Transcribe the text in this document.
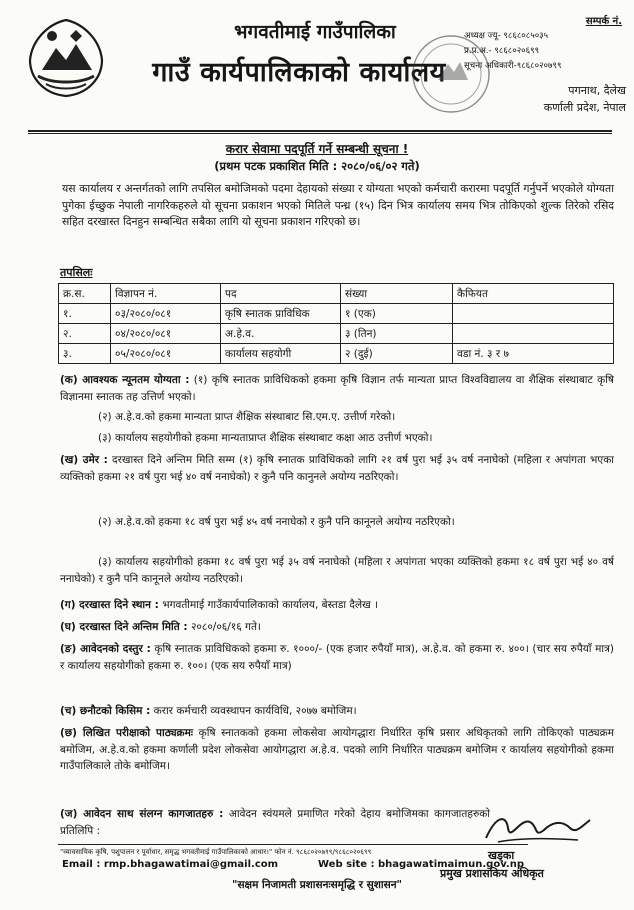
भगवतीमाई गाउँपालिका
गाउँ कार्यपालिकाको कार्यालय
सम्पर्क नं.
अध्यक्ष ज्यू- ९८६८०८५०३५
प्र.प्र.अ.- ९८६८०२०६९९
सूचना अधिकारी-९८६८०२०७९९
पगनाथ, दैलेख
कर्णाली प्रदेश, नेपाल
करार सेवामा पदपूर्ति गर्ने सम्बन्धी सूचना !
(प्रथम पटक प्रकाशित मिति : २०८०/०६/०२ गते)
यस कार्यालय र अन्तर्गतको लागि तपसिल बमोजिमको पदमा देहायको संख्या र योग्यता भएको कर्मचारी करारमा पदपूर्ति गर्नुपर्ने भएकोले योग्यता पुगेका ईच्छुक नेपाली नागरिकहरुले यो सूचना प्रकाशन भएको मितिले पन्ध्र (१५) दिन भित्र कार्यालय समय भित्र तोकिएको शुल्क तिरेको रसिद सहित दरखास्त दिनहुन सम्बन्धित सबैका लागि यो सूचना प्रकाशन गरिएको छ।
तपसिलः
क्र.स.	विज्ञापन नं.	पद	संख्या	कैफियत
१.	०३/२०८०/०८१	कृषि स्नातक प्राविधिक	१ (एक)	
२.	०४/२०८०/०८१	अ.हे.व.	३ (तिन)	
३.	०५/२०८०/०८१	कार्यालय सहयोगी	२ (दुई)	वडा नं. ३ र ७
(क) आवश्यक न्यूनतम योग्यता : (१) कृषि स्नातक प्राविधिकको हकमा कृषि विज्ञान तर्फ मान्यता प्राप्त विश्वविद्यालय वा शैक्षिक संस्थाबाट कृषि विज्ञानमा स्नातक तह उत्तिर्ण भएको।
(२) अ.हे.व.को हकमा मान्यता प्राप्त शैक्षिक संस्थाबाट सि.एम.ए. उत्तीर्ण गरेको।
(३) कार्यालय सहयोगीको हकमा मान्यताप्राप्त शैक्षिक संस्थाबाट कक्षा आठ उत्तीर्ण भएको।
(ख) उमेर : दरखास्त दिने अन्तिम मिति सम्म (१) कृषि स्नातक प्राविधिकको लागि २१ वर्ष पुरा भई ३५ वर्ष ननाघेको (महिला र अपांगता भएका व्यक्तिको हकमा २१ वर्ष पुरा भई ४० वर्ष ननाघेको) र कुनै पनि कानुनले अयोग्य नठरिएको।
(२) अ.हे.व.को हकमा १८ वर्ष पुरा भई ४५ वर्ष ननाघेको र कुनै पनि कानूनले अयोग्य नठरिएको।
(३) कार्यालय सहयोगीको हकमा १८ वर्ष पुरा भई ३५ वर्ष ननाघेको (महिला र अपांगता भएका व्यक्तिको हकमा १८ वर्ष पुरा भई ४० वर्ष ननाघेको) र कुनै पनि कानूनले अयोग्य नठरिएको।
(ग) दरखास्त दिने स्थान : भगवतीमाई गाउँकार्यपालिकाको कार्यालय, बेस्तडा दैलेख ।
(घ) दरखास्त दिने अन्तिम मिति : २०८०/०६/१६ गते।
(ङ) आवेदनको दस्तुर : कृषि स्नातक प्राविधिकको हकमा रु. १०००/- (एक हजार रुपैयाँ मात्र), अ.हे.व. को हकमा रु. ४००। (चार सय रुपैयाँ मात्र) र कार्यालय सहयोगीको हकमा रु. १००। (एक सय रुपैयाँ मात्र)
(च) छनौटको किसिम : करार कर्मचारी व्यवस्थापन कार्यविधि, २०७७ बमोजिम।
(छ) लिखित परीक्षाको पाठ्यक्रमः कृषि स्नातकको हकमा लोकसेवा आयोगद्धारा निर्धारित कृषि प्रसार अधिकृतको लागि तोकिएको पाठ्यक्रम बमोजिम, अ.हे.व.को हकमा कर्णाली प्रदेश लोकसेवा आयोगद्धारा अ.हे.व. पदको लागि निर्धारित पाठ्यक्रम बमोजिम र कार्यालय सहयोगीको हकमा गाउँपालिकाले तोके बमोजिम।
(ज) आवेदन साथ संलग्न कागजातहरु : आवेदन स्वंयमले प्रमाणित गरेको देहाय बमोजिमका कागजातहरुको प्रतिलिपि :
खड्का
प्रमुख प्रशासकिय अधिकृत
"व्यावसायिक कृषि, पशुपालन र पूर्वाधार, समृद्ध भगवतीमाई गाउँपालिकाको आधार।" फोन नं. ९८६८०२०७९९/९८६८०२०६९९
Email : rmp.bhagawatimai@gmail.com	Web site : bhagawatimaimun.gov.np
"सक्षम निजामती प्रशासनःसमृद्धि र सुशासन"
